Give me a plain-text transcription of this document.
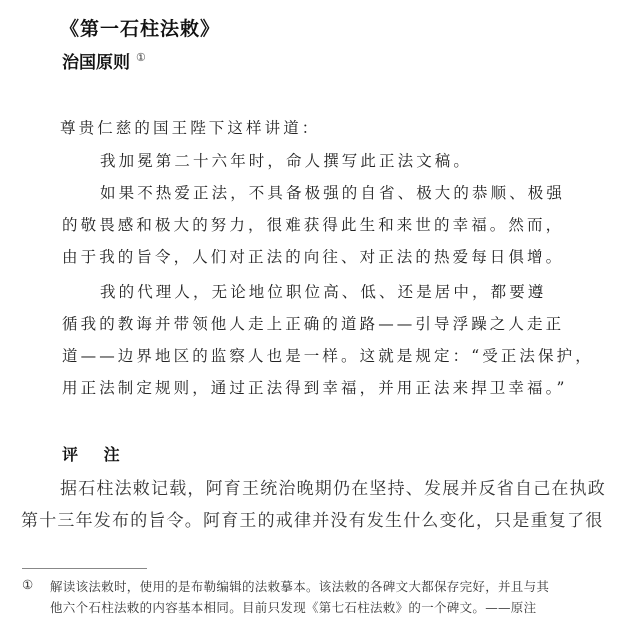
《第一石柱法敕》
治国原则 ①
尊贵仁慈的国王陛下这样讲道：
我加冕第二十六年时，命人撰写此正法文稿。
如果不热爱正法，不具备极强的自省、极大的恭顺、极强
的敬畏感和极大的努力，很难获得此生和来世的幸福。然而，
由于我的旨令，人们对正法的向往、对正法的热爱每日俱增。
我的代理人，无论地位职位高、低、还是居中，都要遵
循我的教诲并带领他人走上正确的道路——引导浮躁之人走正
道——边界地区的监察人也是一样。这就是规定：“受正法保护，
用正法制定规则，通过正法得到幸福，并用正法来捍卫幸福。”
评 注
据石柱法敕记载，阿育王统治晚期仍在坚持、发展并反省自己在执政
第十三年发布的旨令。阿育王的戒律并没有发生什么变化，只是重复了很
① 解读该法敕时，使用的是布勒编辑的法敕摹本。该法敕的各碑文大都保存完好，并且与其
他六个石柱法敕的内容基本相同。目前只发现《第七石柱法敕》的一个碑文。——原注
